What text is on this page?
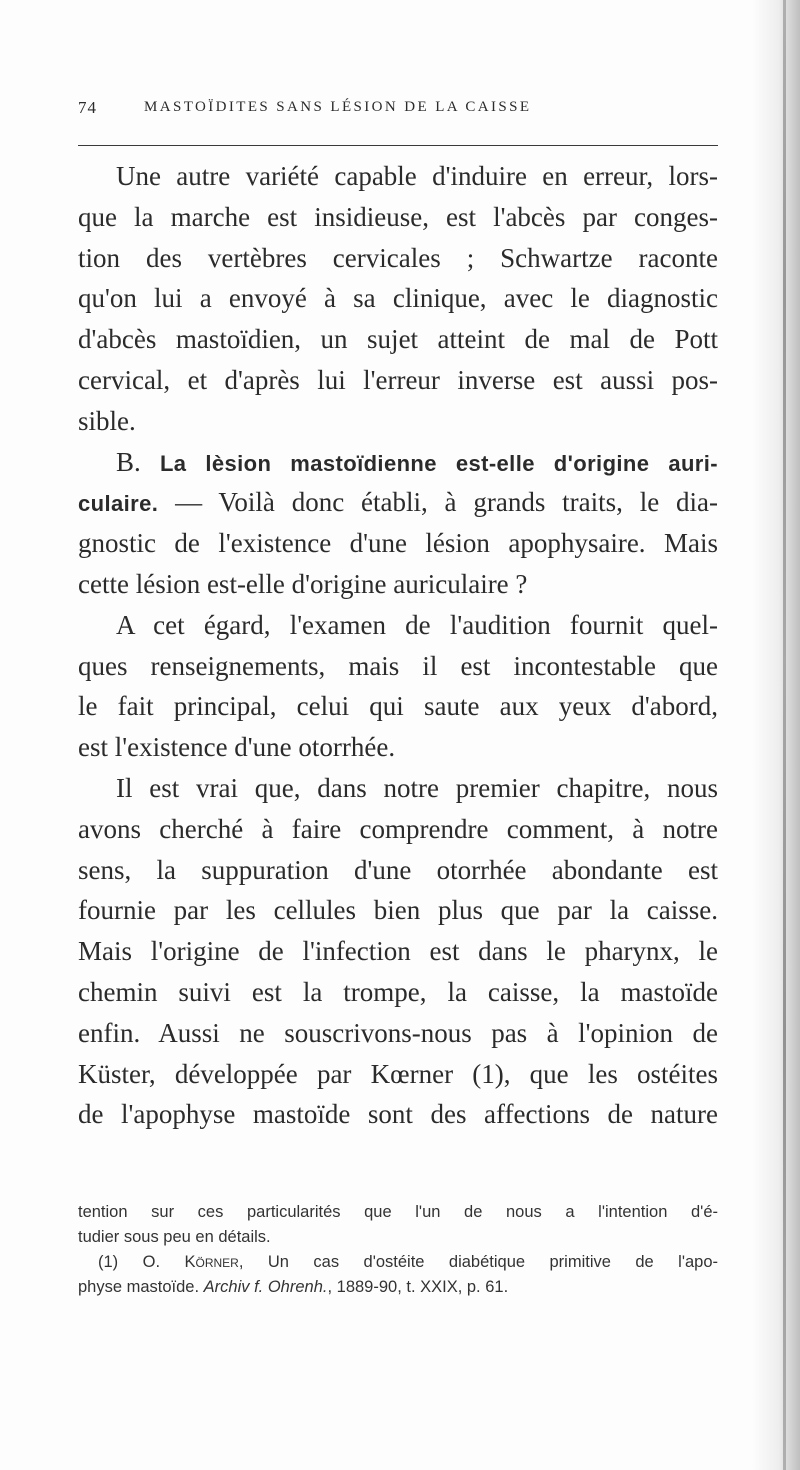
74	MASTOÏDITES SANS LÉSION DE LA CAISSE
Une autre variété capable d'induire en erreur, lors-
que la marche est insidieuse, est l'abcès par conges-
tion des vertèbres cervicales ; Schwartze raconte
qu'on lui a envoyé à sa clinique, avec le diagnostic
d'abcès mastoïdien, un sujet atteint de mal de Pott
cervical, et d'après lui l'erreur inverse est aussi pos-
sible.
B. La lèsion mastoïdienne est-elle d'origine auri-
culaire. — Voilà donc établi, à grands traits, le dia-
gnostic de l'existence d'une lésion apophysaire. Mais
cette lésion est-elle d'origine auriculaire ?
A cet égard, l'examen de l'audition fournit quel-
ques renseignements, mais il est incontestable que
le fait principal, celui qui saute aux yeux d'abord,
est l'existence d'une otorrhée.
Il est vrai que, dans notre premier chapitre, nous
avons cherché à faire comprendre comment, à notre
sens, la suppuration d'une otorrhée abondante est
fournie par les cellules bien plus que par la caisse.
Mais l'origine de l'infection est dans le pharynx, le
chemin suivi est la trompe, la caisse, la mastoïde
enfin. Aussi ne souscrivons-nous pas à l'opinion de
Küster, développée par Kœrner (1), que les ostéites
de l'apophyse mastoïde sont des affections de nature
tention sur ces particularités que l'un de nous a l'intention d'é-
tudier sous peu en détails.
(1) O. Körner, Un cas d'ostéite diabétique primitive de l'apo-
physe mastoïde. Archiv f. Ohrenh., 1889-90, t. XXIX, p. 61.
